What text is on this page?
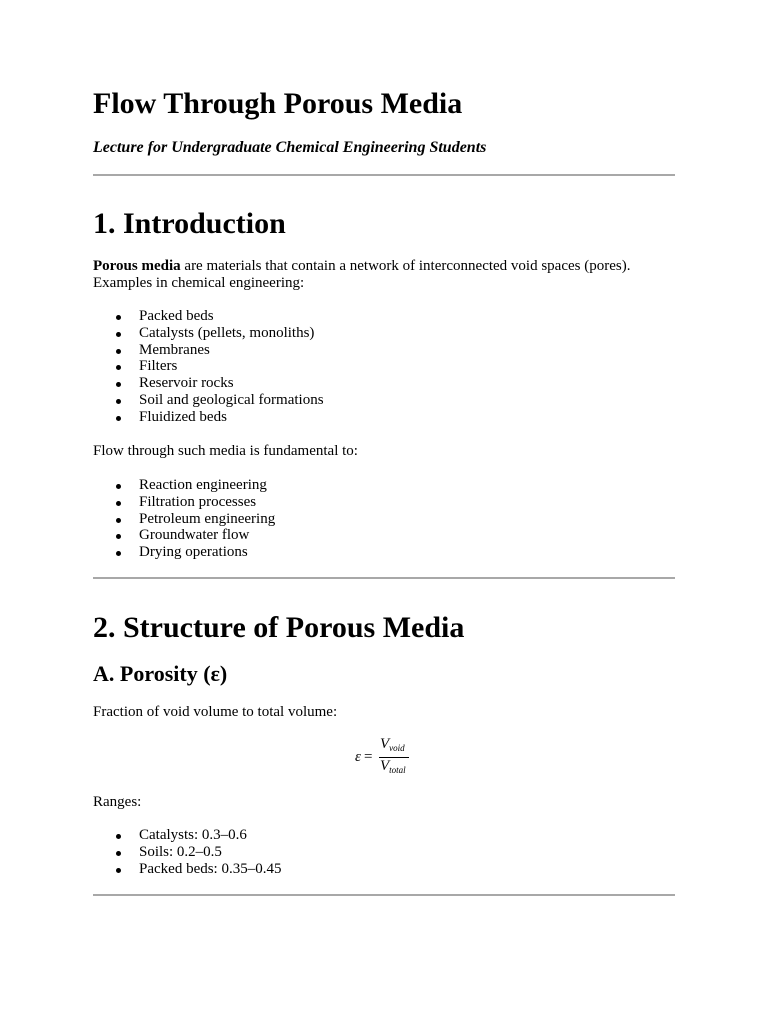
Flow Through Porous Media
Lecture for Undergraduate Chemical Engineering Students
1. Introduction

Porous media are materials that contain a network of interconnected void spaces (pores). Examples in chemical engineering:

Packed beds
Catalysts (pellets, monoliths)
Membranes
Filters
Reservoir rocks
Soil and geological formations
Fluidized beds

Flow through such media is fundamental to:

Reaction engineering
Filtration processes
Petroleum engineering
Groundwater flow
Drying operations
2. Structure of Porous Media
A. Porosity (ε)

Fraction of void volume to total volume:

ε =
$V_{void}$
$V_{total}$

Ranges:

Catalysts: 0.3–0.6
Soils: 0.2–0.5
Packed beds: 0.35–0.45
